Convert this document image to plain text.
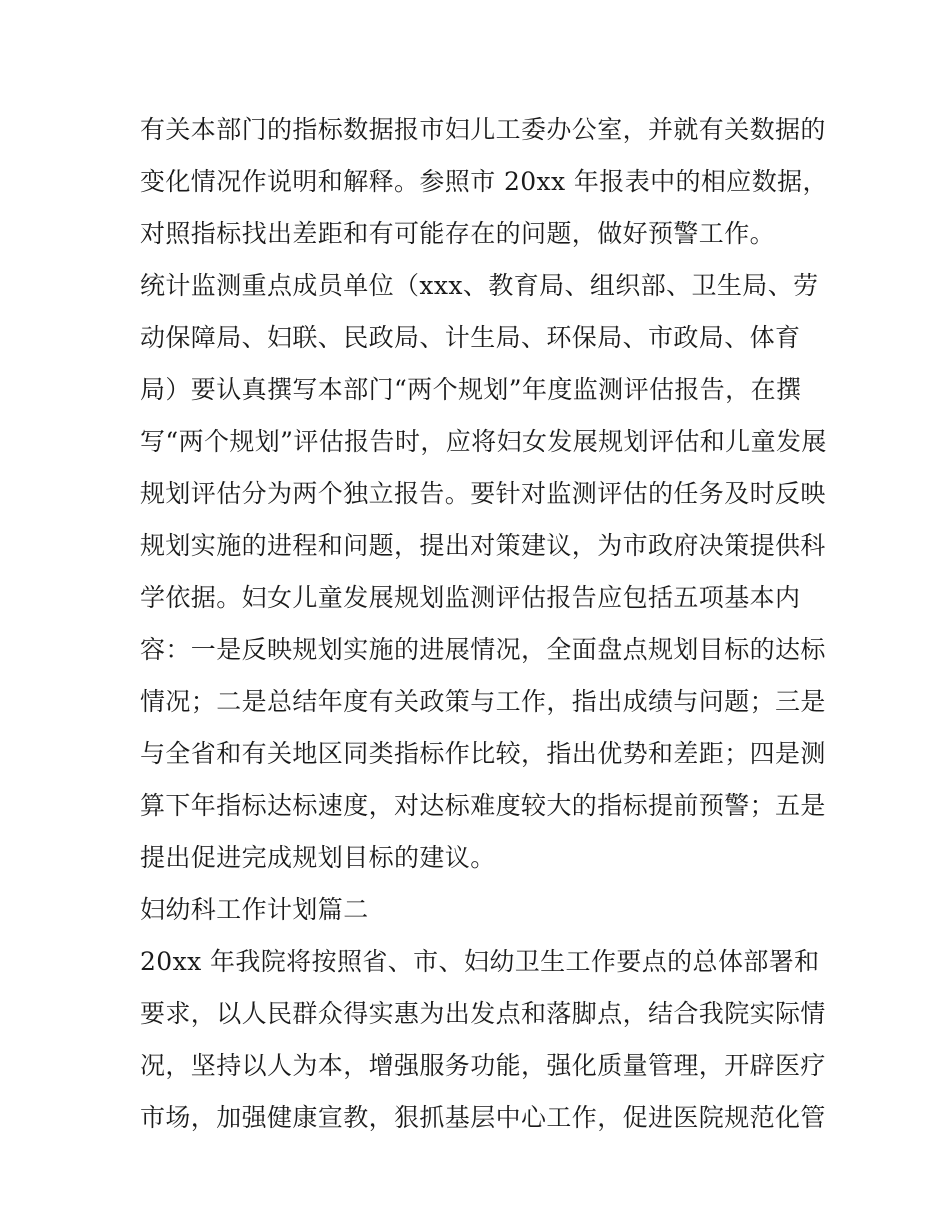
有关本部门的指标数据报市妇儿工委办公室，并就有关数据的
变化情况作说明和解释。参照市 20xx 年报表中的相应数据，
对照指标找出差距和有可能存在的问题，做好预警工作。
统计监测重点成员单位（xxx、教育局、组织部、卫生局、劳
动保障局、妇联、民政局、计生局、环保局、市政局、体育
局）要认真撰写本部门“两个规划”年度监测评估报告，在撰
写“两个规划”评估报告时，应将妇女发展规划评估和儿童发展
规划评估分为两个独立报告。要针对监测评估的任务及时反映
规划实施的进程和问题，提出对策建议，为市政府决策提供科
学依据。妇女儿童发展规划监测评估报告应包括五项基本内
容：一是反映规划实施的进展情况，全面盘点规划目标的达标
情况；二是总结年度有关政策与工作，指出成绩与问题；三是
与全省和有关地区同类指标作比较，指出优势和差距；四是测
算下年指标达标速度，对达标难度较大的指标提前预警；五是
提出促进完成规划目标的建议。
妇幼科工作计划篇二
20xx 年我院将按照省、市、妇幼卫生工作要点的总体部署和
要求，以人民群众得实惠为出发点和落脚点，结合我院实际情
况，坚持以人为本，增强服务功能，强化质量管理，开辟医疗
市场，加强健康宣教，狠抓基层中心工作，促进医院规范化管
